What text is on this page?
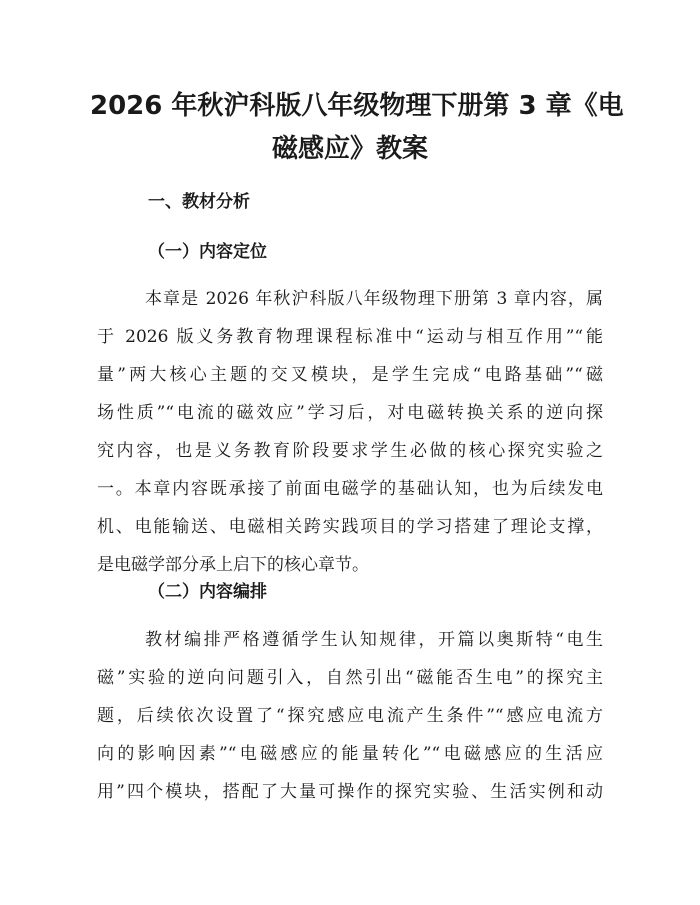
2026 年秋沪科版八年级物理下册第 3 章《电
磁感应》教案
一、教材分析
（一）内容定位
本章是 2026 年秋沪科版八年级物理下册第 3 章内容，属
于 2026 版义务教育物理课程标准中“运动与相互作用”“能
量”两大核心主题的交叉模块，是学生完成“电路基础”“磁
场性质”“电流的磁效应”学习后，对电磁转换关系的逆向探
究内容，也是义务教育阶段要求学生必做的核心探究实验之
一。本章内容既承接了前面电磁学的基础认知，也为后续发电
机、电能输送、电磁相关跨实践项目的学习搭建了理论支撑，
是电磁学部分承上启下的核心章节。
（二）内容编排
教材编排严格遵循学生认知规律，开篇以奥斯特“电生
磁”实验的逆向问题引入，自然引出“磁能否生电”的探究主
题，后续依次设置了“探究感应电流产生条件”“感应电流方
向的影响因素”“电磁感应的能量转化”“电磁感应的生活应
用”四个模块，搭配了大量可操作的探究实验、生活实例和动
